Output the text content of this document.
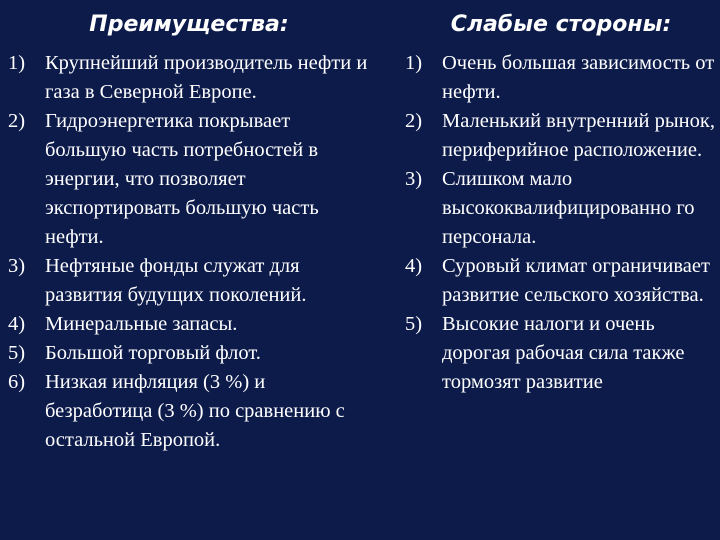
Преимущества:
1) Крупнейший производитель нефти и газа в Северной Европе.
2) Гидроэнергетика покрывает большую часть потребностей в энергии, что позволяет экспортировать большую часть нефти.
3) Нефтяные фонды служат для развития будущих поколений.
4) Минеральные запасы.
5) Большой торговый флот.
6) Низкая инфляция (3 %) и безработица (3 %) по сравнению с остальной Европой.
Слабые стороны:
1) Очень большая зависимость от нефти.
2) Маленький внутренний рынок, периферийное расположение.
3) Слишком мало высококвалифицированно го персонала.
4) Суровый климат ограничивает развитие сельского хозяйства.
5) Высокие налоги и очень дорогая рабочая сила также тормозят развитие
